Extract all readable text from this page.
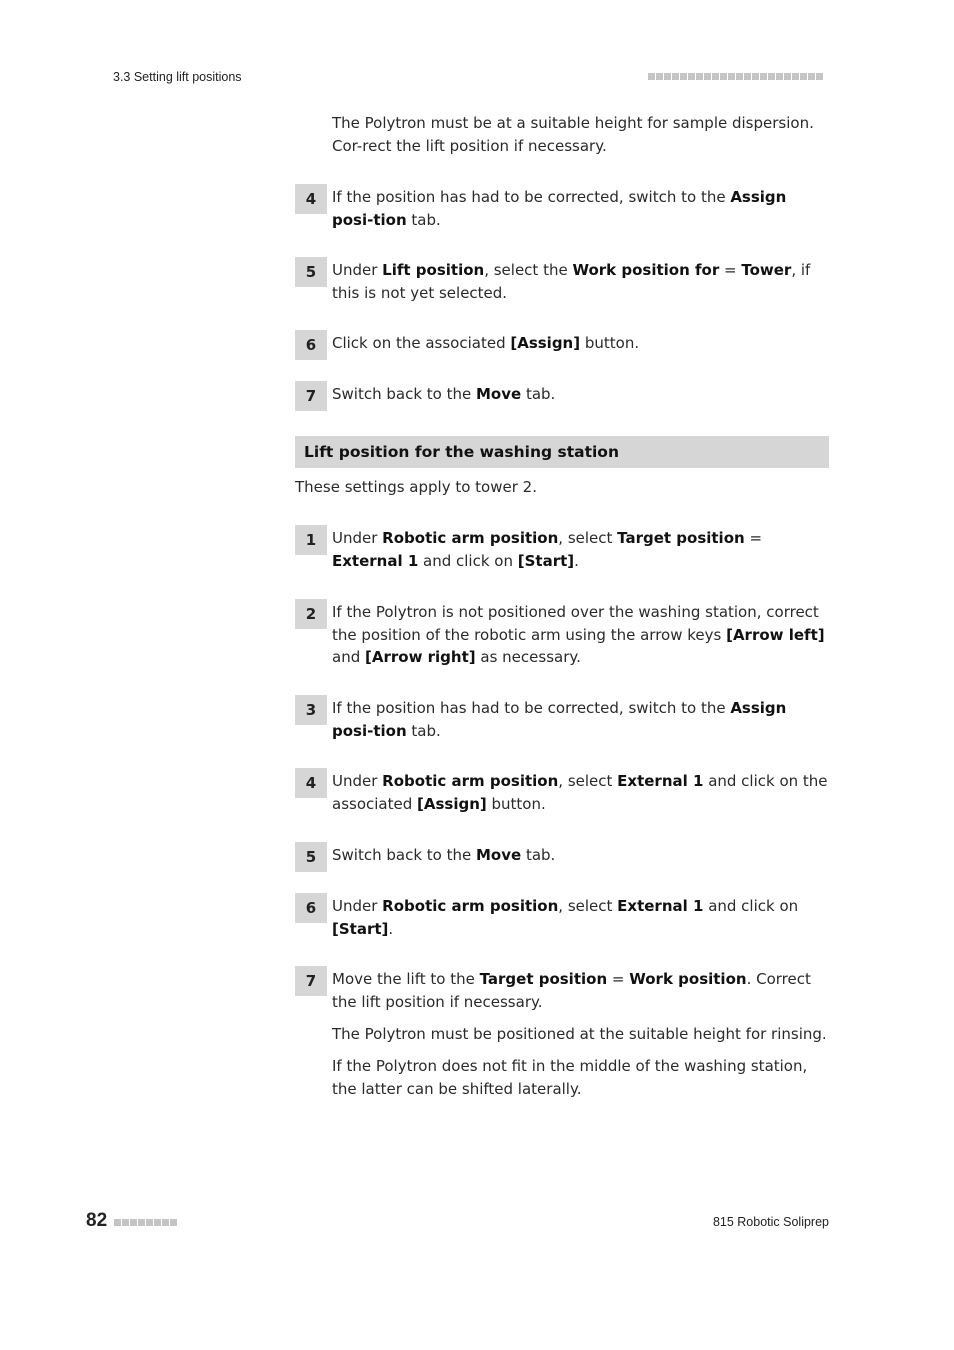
3.3 Setting lift positions

The Polytron must be at a suitable height for sample dispersion. Cor-rect the lift position if necessary.

4	If the position has had to be corrected, switch to the Assign posi-tion tab.
5	Under Lift position, select the Work position for = Tower, if this is not yet selected.
6	Click on the associated [Assign] button.
7	Switch back to the Move tab.
Lift position for the washing station

These settings apply to tower 2.

1	Under Robotic arm position, select Target position = External 1 and click on [Start].
2	If the Polytron is not positioned over the washing station, correct the position of the robotic arm using the arrow keys [Arrow left] and [Arrow right] as necessary.
3	If the position has had to be corrected, switch to the Assign posi-tion tab.
4	Under Robotic arm position, select External 1 and click on the associated [Assign] button.
5	Switch back to the Move tab.
6	Under Robotic arm position, select External 1 and click on [Start].
7	Move the lift to the Target position = Work position. Correct the lift position if necessary.

The Polytron must be positioned at the suitable height for rinsing.

If the Polytron does not fit in the middle of the washing station, the latter can be shifted laterally.

82	815 Robotic Soliprep
